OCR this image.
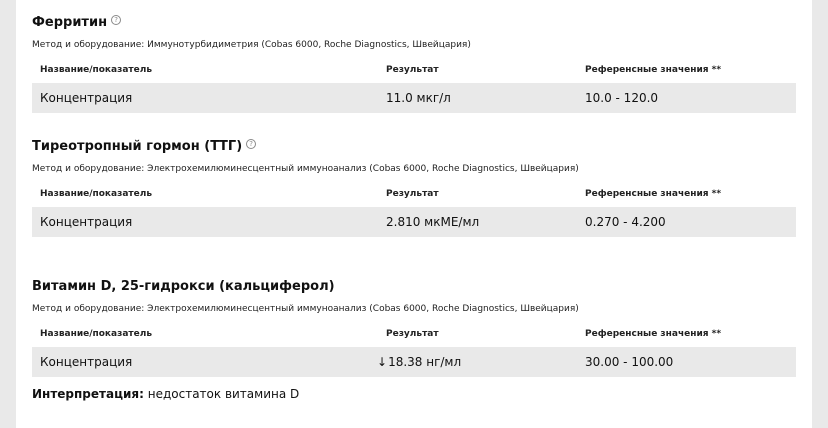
Ферритин	?
Метод и оборудование: Иммунотурбидиметрия (Cobas 6000, Roche Diagnostics, Швейцария)
Название/показатель	Результат	Референсные значения **
Концентрация	11.0 мкг/л	10.0 - 120.0
Тиреотропный гормон (ТТГ)	?
Метод и оборудование: Электрохемилюминесцентный иммуноанализ (Cobas 6000, Roche Diagnostics, Швейцария)
Название/показатель	Результат	Референсные значения **
Концентрация	2.810 мкМЕ/мл	0.270 - 4.200
Витамин D, 25-гидрокси (кальциферол)
Метод и оборудование: Электрохемилюминесцентный иммуноанализ (Cobas 6000, Roche Diagnostics, Швейцария)
Название/показатель	Результат	Референсные значения **
Концентрация	↓18.38 нг/мл	30.00 - 100.00
Интерпретация: недостаток витамина D
